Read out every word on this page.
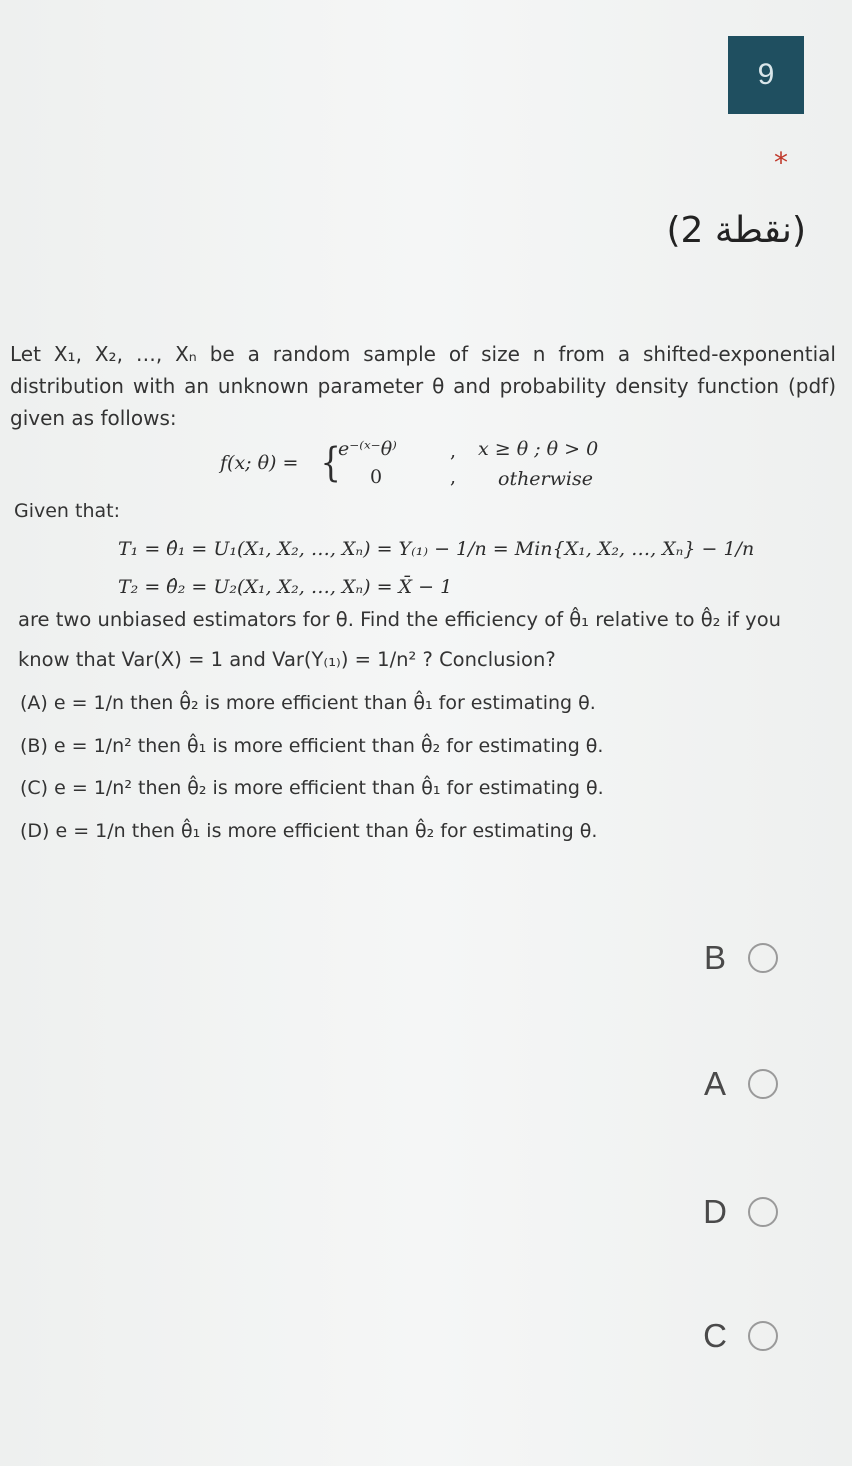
9
*
(2 نقطة)
Let X₁, X₂, …, Xₙ be a random sample of size n from a shifted-exponential distribution with an unknown parameter θ and probability density function (pdf) given as follows:
f(x; θ) = {
e⁻⁽ˣ⁻θ⁾
0
,
,
x ≥ θ ; θ > 0
otherwise
Given that:
T₁ = θ̂₁ = U₁(X₁, X₂, …, Xₙ) = Y₍₁₎ − 1/n = Min{X₁, X₂, …, Xₙ} − 1/n
T₂ = θ̂₂ = U₂(X₁, X₂, …, Xₙ) = X̄ − 1
are two unbiased estimators for θ. Find the efficiency of θ̂₁ relative to θ̂₂ if you
know that Var(X) = 1 and Var(Y₍₁₎) = 1/n² ? Conclusion?
(A) e = 1/n then θ̂₂ is more efficient than θ̂₁ for estimating θ.
(B) e = 1/n² then θ̂₁ is more efficient than θ̂₂ for estimating θ.
(C) e = 1/n² then θ̂₂ is more efficient than θ̂₁ for estimating θ.
(D) e = 1/n then θ̂₁ is more efficient than θ̂₂ for estimating θ.
B
A
D
C
